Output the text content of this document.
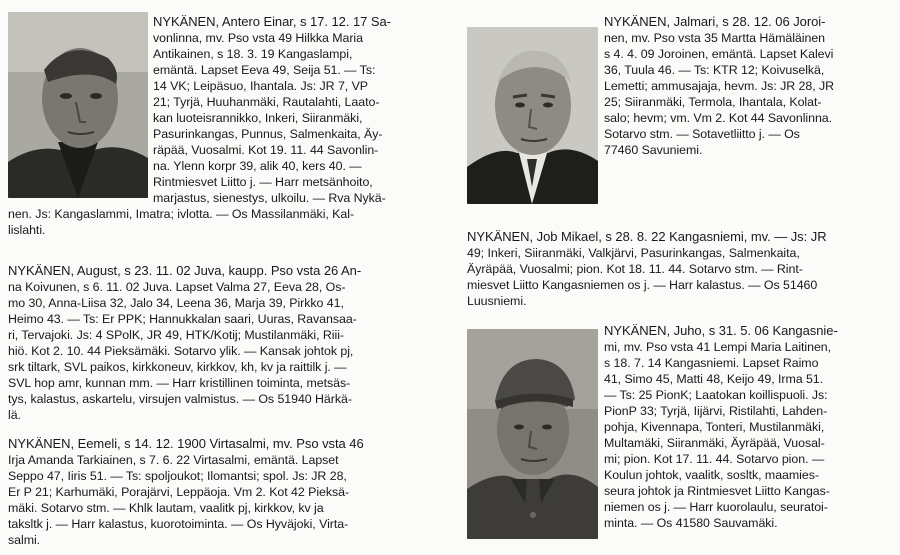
NYKÄNEN, Antero Einar, s 17. 12. 17 Sa-
vonlinna, mv. Pso vsta 49 Hilkka Maria
Antikainen, s 18. 3. 19 Kangaslampi,
emäntä. Lapset Eeva 49, Seija 51. — Ts:
14 VK; Leipäsuo, Ihantala. Js: JR 7, VP
21; Tyrjä, Huuhanmäki, Rautalahti, Laato-
kan luoteisrannikko, Inkeri, Siiranmäki,
Pasurinkangas, Punnus, Salmenkaita, Äy-
räpää, Vuosalmi. Kot 19. 11. 44 Savonlin-
na. Ylenn korpr 39, alik 40, kers 40. —
Rintmiesvet Liitto j. — Harr metsänhoito,
marjastus, sienestys, ulkoilu. — Rva Nykä-
nen. Js: Kangaslammi, Imatra; ivlotta. — Os Massilanmäki, Kal-
lislahti.
NYKÄNEN, August, s 23. 11. 02 Juva, kaupp. Pso vsta 26 An-
na Koivunen, s 6. 11. 02 Juva. Lapset Valma 27, Eeva 28, Os-
mo 30, Anna-Liisa 32, Jalo 34, Leena 36, Marja 39, Pirkko 41,
Heimo 43. — Ts: Er PPK; Hannukkalan saari, Uuras, Ravansaa-
ri, Tervajoki. Js: 4 SPolK, JR 49, HTK/Kotij; Mustilanmäki, Riii-
hiö. Kot 2. 10. 44 Pieksämäki. Sotarvo ylik. — Kansak johtok pj,
srk tiltark, SVL paikos, kirkkoneuv, kirkkov, kh, kv ja raittilk j. —
SVL hop amr, kunnan mm. — Harr kristillinen toiminta, metsäs-
tys, kalastus, askartelu, virsujen valmistus. — Os 51940 Härkä-
lä.
NYKÄNEN, Eemeli, s 14. 12. 1900 Virtasalmi, mv. Pso vsta 46
Irja Amanda Tarkiainen, s 7. 6. 22 Virtasalmi, emäntä. Lapset
Seppo 47, Iiris 51. — Ts: spoljoukot; Ilomantsi; spol. Js: JR 28,
Er P 21; Karhumäki, Porajärvi, Leppäoja. Vm 2. Kot 42 Pieksä-
mäki. Sotarvo stm. — Khlk lautam, vaalitk pj, kirkkov, kv ja
taksltk j. — Harr kalastus, kuorotoiminta. — Os Hyväjoki, Virta-
salmi.
NYKÄNEN, Jalmari, s 28. 12. 06 Joroi-
nen, mv. Pso vsta 35 Martta Hämäläinen
s 4. 4. 09 Joroinen, emäntä. Lapset Kalevi
36, Tuula 46. — Ts: KTR 12; Koivuselkä,
Lemetti; ammusajaja, hevm. Js: JR 28, JR
25; Siiranmäki, Termola, Ihantala, Kolat-
salo; hevm; vm. Vm 2. Kot 44 Savonlinna.
Sotarvo stm. — Sotavetliitto j. — Os
77460 Savuniemi.
NYKÄNEN, Job Mikael, s 28. 8. 22 Kangasniemi, mv. — Js: JR
49; Inkeri, Siiranmäki, Valkjärvi, Pasurinkangas, Salmenkaita,
Äyräpää, Vuosalmi; pion. Kot 18. 11. 44. Sotarvo stm. — Rint-
miesvet Liitto Kangasniemen os j. — Harr kalastus. — Os 51460
Luusniemi.
NYKÄNEN, Juho, s 31. 5. 06 Kangasnie-
mi, mv. Pso vsta 41 Lempi Maria Laitinen,
s 18. 7. 14 Kangasniemi. Lapset Raimo
41, Simo 45, Matti 48, Keijo 49, Irma 51.
— Ts: 25 PionK; Laatokan koillispuoli. Js:
PionP 33; Tyrjä, Iijärvi, Ristilahti, Lahden-
pohja, Kivennapa, Tonteri, Mustilanmäki,
Multamäki, Siiranmäki, Äyräpää, Vuosal-
mi; pion. Kot 17. 11. 44. Sotarvo pion. —
Koulun johtok, vaalitk, sosltk, maamies-
seura johtok ja Rintmiesvet Liitto Kangas-
niemen os j. — Harr kuorolaulu, seuratoi-
minta. — Os 41580 Sauvamäki.
